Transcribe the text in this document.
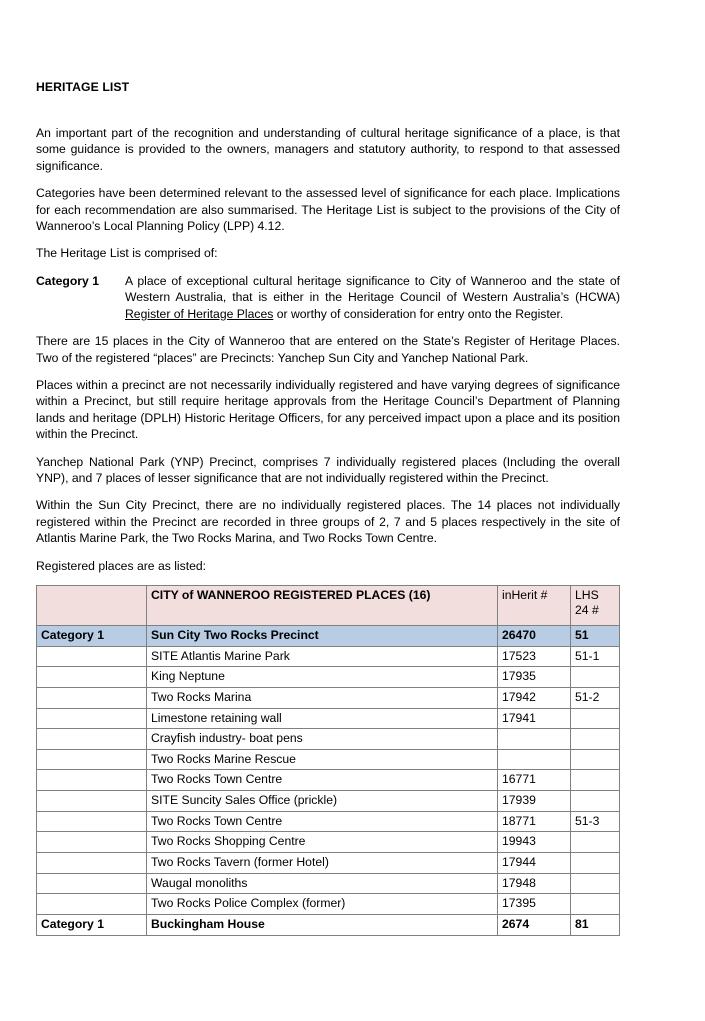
HERITAGE LIST

An important part of the recognition and understanding of cultural heritage significance of a place, is that some guidance is provided to the owners, managers and statutory authority, to respond to that assessed significance.

Categories have been determined relevant to the assessed level of significance for each place. Implications for each recommendation are also summarised. The Heritage List is subject to the provisions of the City of Wanneroo’s Local Planning Policy (LPP) 4.12.

The Heritage List is comprised of:

Category 1	A place of exceptional cultural heritage significance to City of Wanneroo and the state of Western Australia, that is either in the Heritage Council of Western Australia’s (HCWA) Register of Heritage Places or worthy of consideration for entry onto the Register.

There are 15 places in the City of Wanneroo that are entered on the State’s Register of Heritage Places. Two of the registered “places” are Precincts: Yanchep Sun City and Yanchep National Park.

Places within a precinct are not necessarily individually registered and have varying degrees of significance within a Precinct, but still require heritage approvals from the Heritage Council’s Department of Planning lands and heritage (DPLH) Historic Heritage Officers, for any perceived impact upon a place and its position within the Precinct.

Yanchep National Park (YNP) Precinct, comprises 7 individually registered places (Including the overall YNP), and 7 places of lesser significance that are not individually registered within the Precinct.

Within the Sun City Precinct, there are no individually registered places. The 14 places not individually registered within the Precinct are recorded in three groups of 2, 7 and 5 places respectively in the site of Atlantis Marine Park, the Two Rocks Marina, and Two Rocks Town Centre.

Registered places are as listed:

	CITY of WANNEROO REGISTERED PLACES (16)	inHerit #	LHS
24 #

Category 1	Sun City Two Rocks Precinct	26470	51
	SITE Atlantis Marine Park	17523	51-1
	King Neptune	17935	
	Two Rocks Marina	17942	51-2
	Limestone retaining wall	17941	
	Crayfish industry- boat pens		
	Two Rocks Marine Rescue		
	Two Rocks Town Centre	16771	
	SITE Suncity Sales Office (prickle)	17939	
	Two Rocks Town Centre	18771	51-3
	Two Rocks Shopping Centre	19943	
	Two Rocks Tavern (former Hotel)	17944	
	Waugal monoliths	17948	
	Two Rocks Police Complex (former)	17395	
Category 1	Buckingham House	2674	81
